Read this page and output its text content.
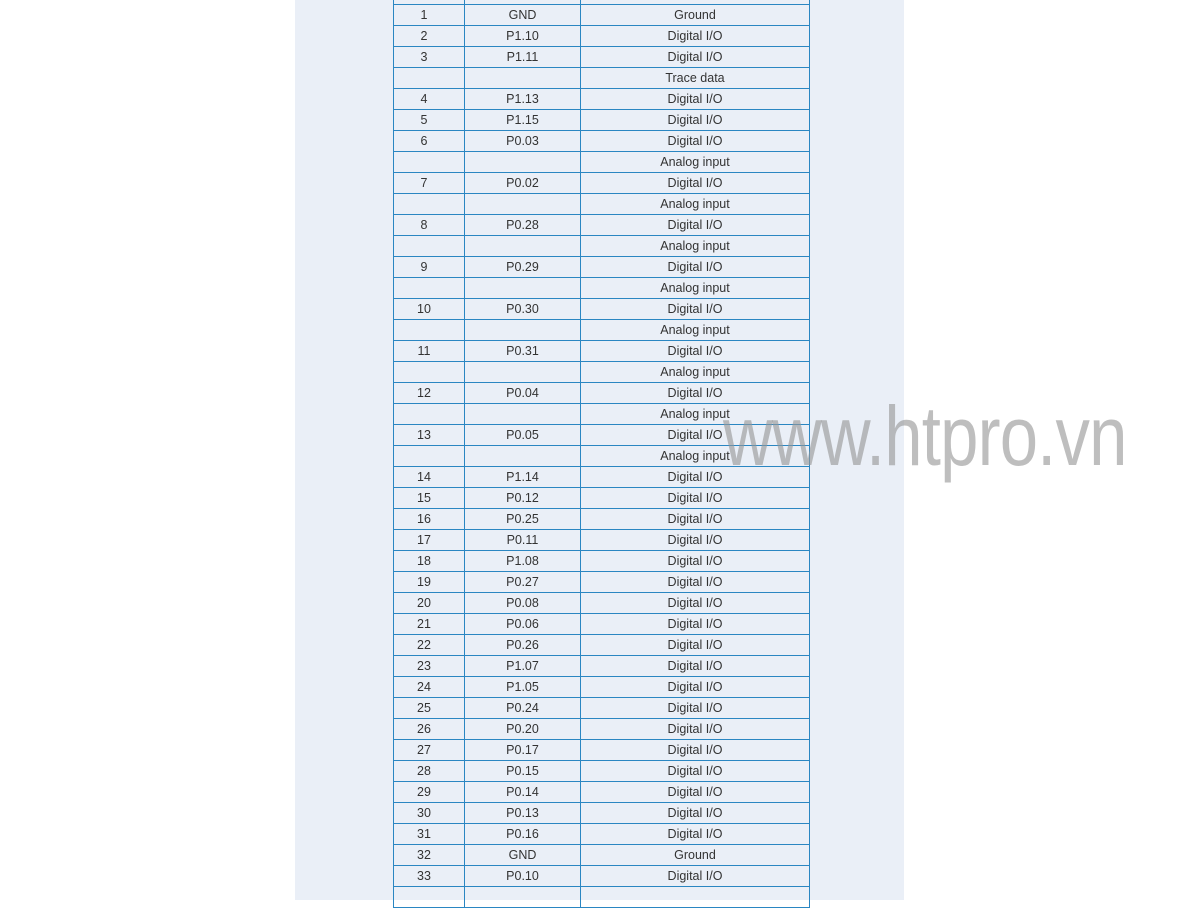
1	GND	Ground
2	P1.10	Digital I/O
3	P1.11	Digital I/O
		Trace data
4	P1.13	Digital I/O
5	P1.15	Digital I/O
6	P0.03	Digital I/O
		Analog input
7	P0.02	Digital I/O
		Analog input
8	P0.28	Digital I/O
		Analog input
9	P0.29	Digital I/O
		Analog input
10	P0.30	Digital I/O
		Analog input
11	P0.31	Digital I/O
		Analog input
12	P0.04	Digital I/O
		Analog input
13	P0.05	Digital I/O
		Analog input
14	P1.14	Digital I/O
15	P0.12	Digital I/O
16	P0.25	Digital I/O
17	P0.11	Digital I/O
18	P1.08	Digital I/O
19	P0.27	Digital I/O
20	P0.08	Digital I/O
21	P0.06	Digital I/O
22	P0.26	Digital I/O
23	P1.07	Digital I/O
24	P1.05	Digital I/O
25	P0.24	Digital I/O
26	P0.20	Digital I/O
27	P0.17	Digital I/O
28	P0.15	Digital I/O
29	P0.14	Digital I/O
30	P0.13	Digital I/O
31	P0.16	Digital I/O
32	GND	Ground
33	P0.10	Digital I/O

www.htpro.vn
